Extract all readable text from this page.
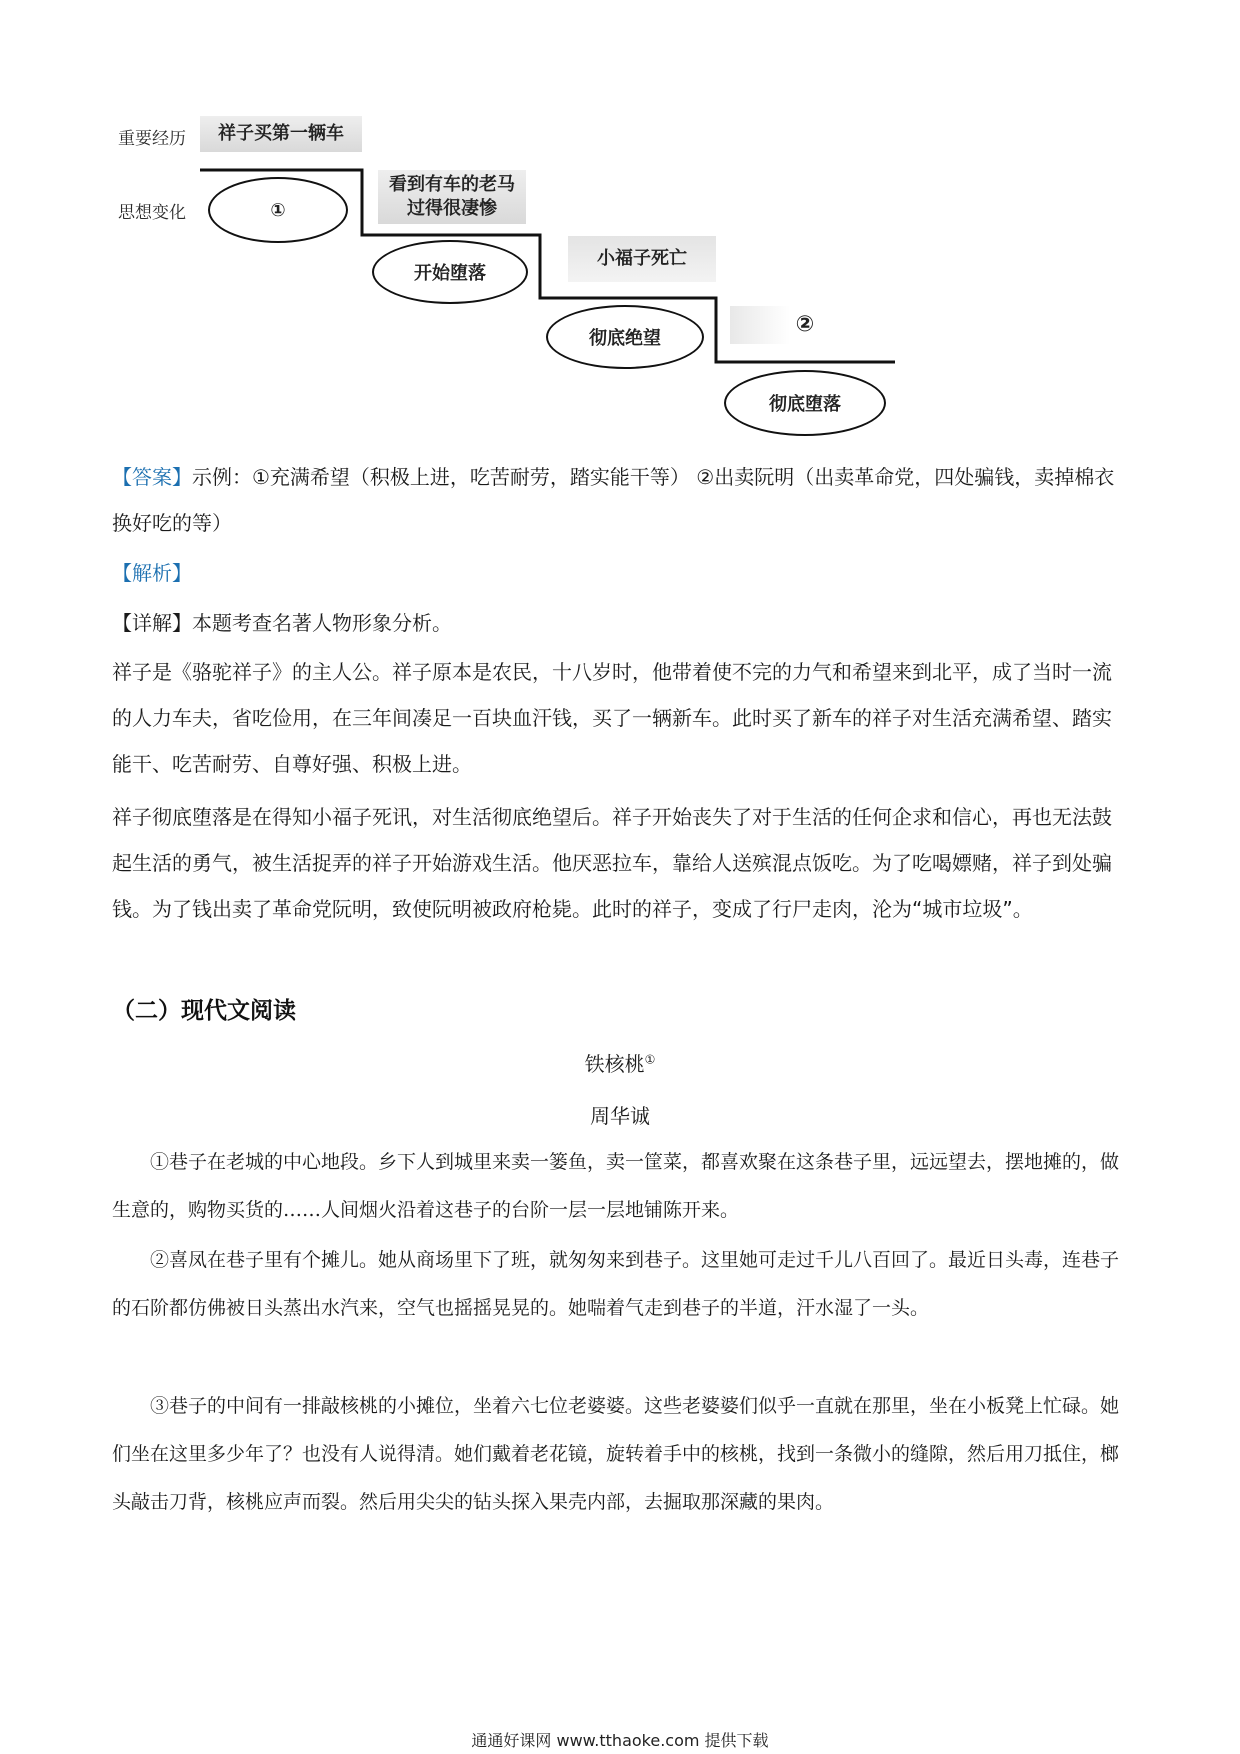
重要经历
思想变化
祥子买第一辆车
看到有车的老马
过得很凄惨
小福子死亡
②
①
开始堕落
彻底绝望
彻底堕落
【答案】示例：①充满希望（积极上进，吃苦耐劳，踏实能干等） ②出卖阮明（出卖革命党，四处骗钱，卖掉棉衣换好吃的等）
【解析】
【详解】本题考查名著人物形象分析。
祥子是《骆驼祥子》的主人公。祥子原本是农民，十八岁时，他带着使不完的力气和希望来到北平，成了当时一流的人力车夫，省吃俭用，在三年间凑足一百块血汗钱，买了一辆新车。此时买了新车的祥子对生活充满希望、踏实能干、吃苦耐劳、自尊好强、积极上进。
祥子彻底堕落是在得知小福子死讯，对生活彻底绝望后。祥子开始丧失了对于生活的任何企求和信心，再也无法鼓起生活的勇气，被生活捉弄的祥子开始游戏生活。他厌恶拉车，靠给人送殡混点饭吃。为了吃喝嫖赌，祥子到处骗钱。为了钱出卖了革命党阮明，致使阮明被政府枪毙。此时的祥子，变成了行尸走肉，沦为“城市垃圾”。
（二）现代文阅读
铁核桃①
周华诚
①巷子在老城的中心地段。乡下人到城里来卖一篓鱼，卖一筐菜，都喜欢聚在这条巷子里，远远望去，摆地摊的，做生意的，购物买货的……人间烟火沿着这巷子的台阶一层一层地铺陈开来。
②喜凤在巷子里有个摊儿。她从商场里下了班，就匆匆来到巷子。这里她可走过千儿八百回了。最近日头毒，连巷子的石阶都仿佛被日头蒸出水汽来，空气也摇摇晃晃的。她喘着气走到巷子的半道，汗水湿了一头。
③巷子的中间有一排敲核桃的小摊位，坐着六七位老婆婆。这些老婆婆们似乎一直就在那里，坐在小板凳上忙碌。她们坐在这里多少年了？也没有人说得清。她们戴着老花镜，旋转着手中的核桃，找到一条微小的缝隙，然后用刀抵住，榔头敲击刀背，核桃应声而裂。然后用尖尖的钻头探入果壳内部，去掘取那深藏的果肉。
通通好课网 www.tthaoke.com 提供下载
